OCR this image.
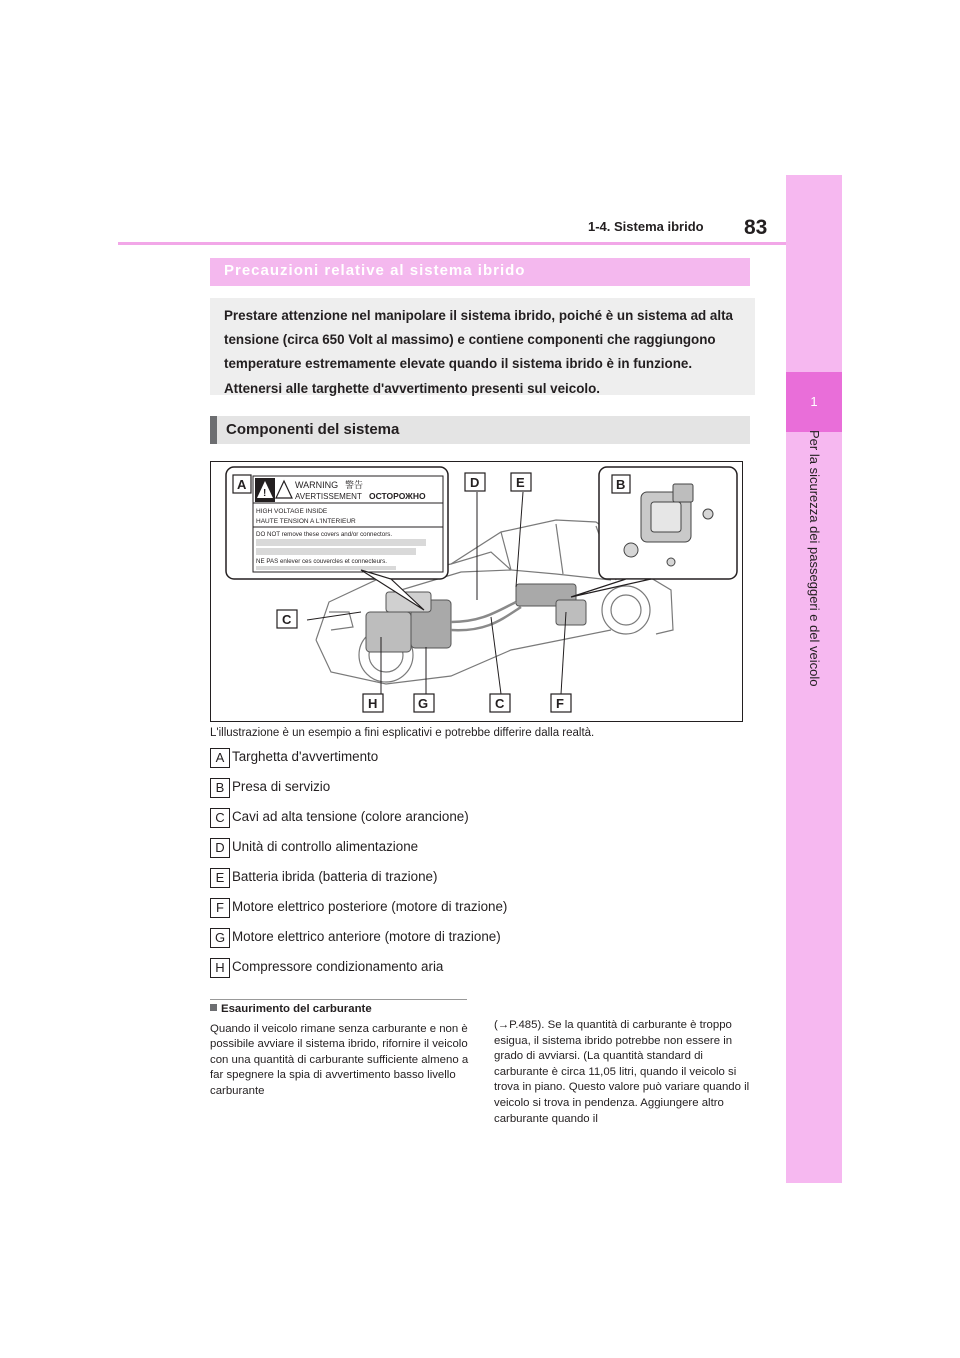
1
Per la sicurezza dei passeggeri e del veicolo
1-4. Sistema ibrido 83
Precauzioni relative al sistema ibrido

Prestare attenzione nel manipolare il sistema ibrido, poiché è un sistema ad alta tensione (circa 650 Volt al massimo) e contiene componenti che raggiungono temperature estremamente elevate quando il sistema ibrido è in funzione. Attenersi alle targhette d'avvertimento presenti sul veicolo.

Componenti del sistema
!
WARNING 警告
AVERTISSEMENT ОСТОРОЖНО
HIGH VOLTAGE INSIDE
HAUTE TENSION A L'INTERIEUR
DO NOT remove these covers and/or connectors.
NE PAS enlever ces couvercles et connecteurs.
A	D	E	B
C
H	G	C	F
L'illustrazione è un esempio a fini esplicativi e potrebbe differire dalla realtà.
A Targhetta d'avvertimento
B Presa di servizio
C Cavi ad alta tensione (colore arancione)
D Unità di controllo alimentazione
E Batteria ibrida (batteria di trazione)
F Motore elettrico posteriore (motore di trazione)
G Motore elettrico anteriore (motore di trazione)
H Compressore condizionamento aria
Esaurimento del carburante
Quando il veicolo rimane senza carburante e non è possibile avviare il sistema ibrido, rifornire il veicolo con una quantità di carburante sufficiente almeno a far spegnere la spia di avvertimento basso livello carburante
(→P.485). Se la quantità di carburante è troppo esigua, il sistema ibrido potrebbe non essere in grado di avviarsi. (La quantità standard di carburante è circa 11,05 litri, quando il veicolo si trova in piano. Questo valore può variare quando il veicolo si trova in pendenza. Aggiungere altro carburante quando il
